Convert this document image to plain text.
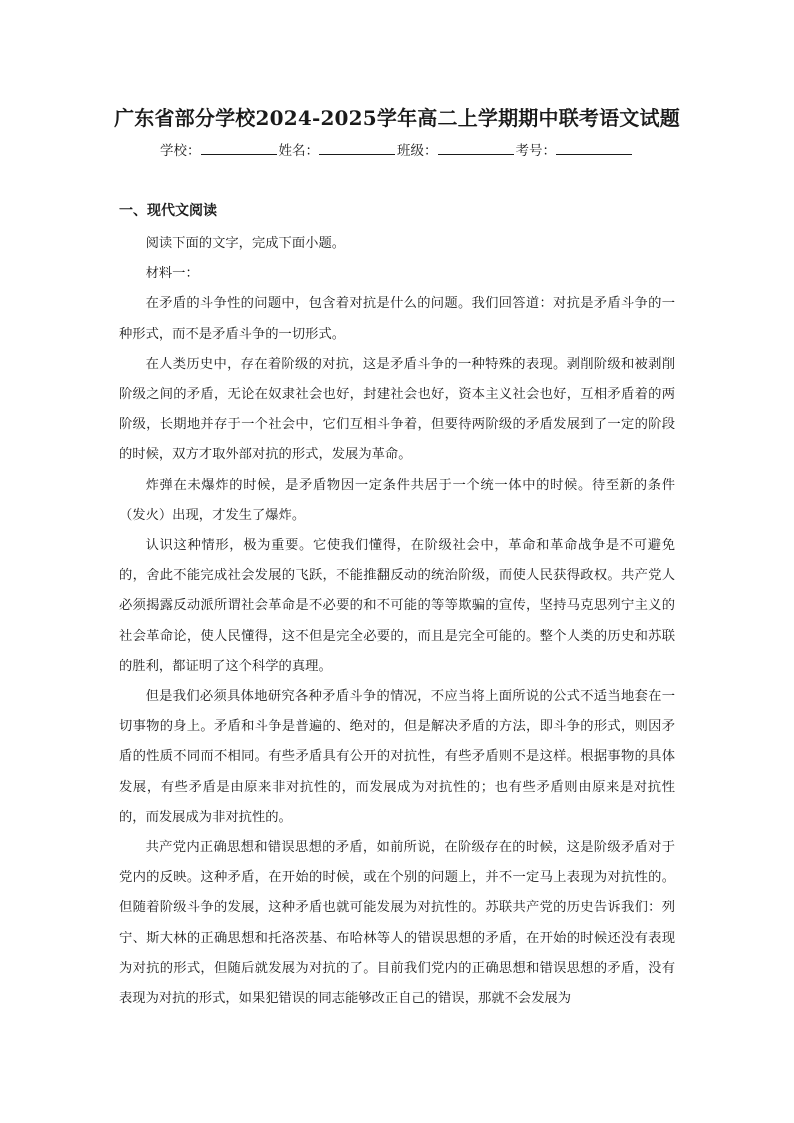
广东省部分学校2024-2025学年高二上学期期中联考语文试题
学校：	姓名：	班级：	考号：
一、现代文阅读

阅读下面的文字，完成下面小题。

材料一：

在矛盾的斗争性的问题中，包含着对抗是什么的问题。我们回答道：对抗是矛盾斗争的一种形式，而不是矛盾斗争的一切形式。

在人类历史中，存在着阶级的对抗，这是矛盾斗争的一种特殊的表现。剥削阶级和被剥削阶级之间的矛盾，无论在奴隶社会也好，封建社会也好，资本主义社会也好，互相矛盾着的两阶级，长期地并存于一个社会中，它们互相斗争着，但要待两阶级的矛盾发展到了一定的阶段的时候，双方才取外部对抗的形式，发展为革命。

炸弹在未爆炸的时候，是矛盾物因一定条件共居于一个统一体中的时候。待至新的条件（发火）出现，才发生了爆炸。

认识这种情形，极为重要。它使我们懂得，在阶级社会中，革命和革命战争是不可避免的，舍此不能完成社会发展的飞跃，不能推翻反动的统治阶级，而使人民获得政权。共产党人必须揭露反动派所谓社会革命是不必要的和不可能的等等欺骗的宣传，坚持马克思列宁主义的社会革命论，使人民懂得，这不但是完全必要的，而且是完全可能的。整个人类的历史和苏联的胜利，都证明了这个科学的真理。

但是我们必须具体地研究各种矛盾斗争的情况，不应当将上面所说的公式不适当地套在一切事物的身上。矛盾和斗争是普遍的、绝对的，但是解决矛盾的方法，即斗争的形式，则因矛盾的性质不同而不相同。有些矛盾具有公开的对抗性，有些矛盾则不是这样。根据事物的具体发展，有些矛盾是由原来非对抗性的，而发展成为对抗性的；也有些矛盾则由原来是对抗性的，而发展成为非对抗性的。

共产党内正确思想和错误思想的矛盾，如前所说，在阶级存在的时候，这是阶级矛盾对于党内的反映。这种矛盾，在开始的时候，或在个别的问题上，并不一定马上表现为对抗性的。但随着阶级斗争的发展，这种矛盾也就可能发展为对抗性的。苏联共产党的历史告诉我们：列宁、斯大林的正确思想和托洛茨基、布哈林等人的错误思想的矛盾，在开始的时候还没有表现为对抗的形式，但随后就发展为对抗的了。目前我们党内的正确思想和错误思想的矛盾，没有表现为对抗的形式，如果犯错误的同志能够改正自己的错误，那就不会发展为
